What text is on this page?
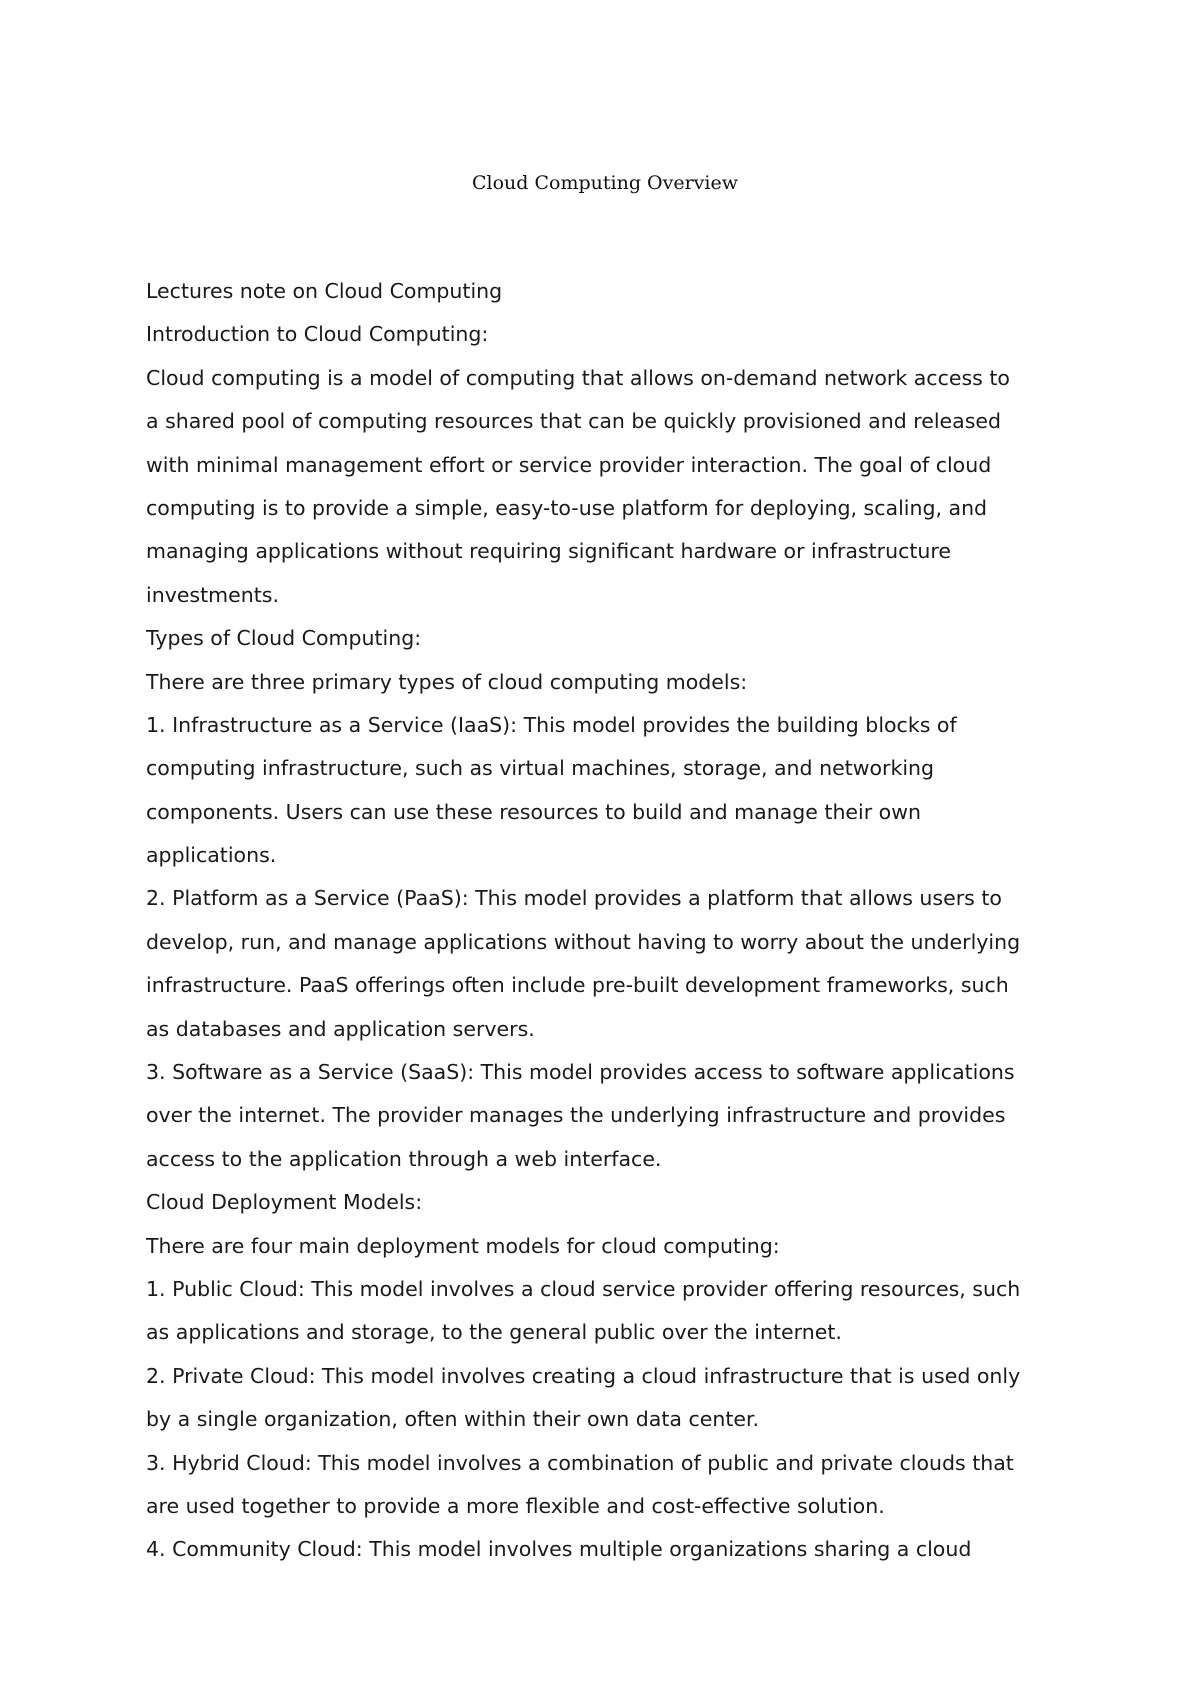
Cloud Computing Overview
Lectures note on Cloud Computing
Introduction to Cloud Computing:
Cloud computing is a model of computing that allows on-demand network access to
a shared pool of computing resources that can be quickly provisioned and released
with minimal management effort or service provider interaction. The goal of cloud
computing is to provide a simple, easy-to-use platform for deploying, scaling, and
managing applications without requiring significant hardware or infrastructure
investments.
Types of Cloud Computing:
There are three primary types of cloud computing models:
1. Infrastructure as a Service (IaaS): This model provides the building blocks of
computing infrastructure, such as virtual machines, storage, and networking
components. Users can use these resources to build and manage their own
applications.
2. Platform as a Service (PaaS): This model provides a platform that allows users to
develop, run, and manage applications without having to worry about the underlying
infrastructure. PaaS offerings often include pre-built development frameworks, such
as databases and application servers.
3. Software as a Service (SaaS): This model provides access to software applications
over the internet. The provider manages the underlying infrastructure and provides
access to the application through a web interface.
Cloud Deployment Models:
There are four main deployment models for cloud computing:
1. Public Cloud: This model involves a cloud service provider offering resources, such
as applications and storage, to the general public over the internet.
2. Private Cloud: This model involves creating a cloud infrastructure that is used only
by a single organization, often within their own data center.
3. Hybrid Cloud: This model involves a combination of public and private clouds that
are used together to provide a more flexible and cost-effective solution.
4. Community Cloud: This model involves multiple organizations sharing a cloud
